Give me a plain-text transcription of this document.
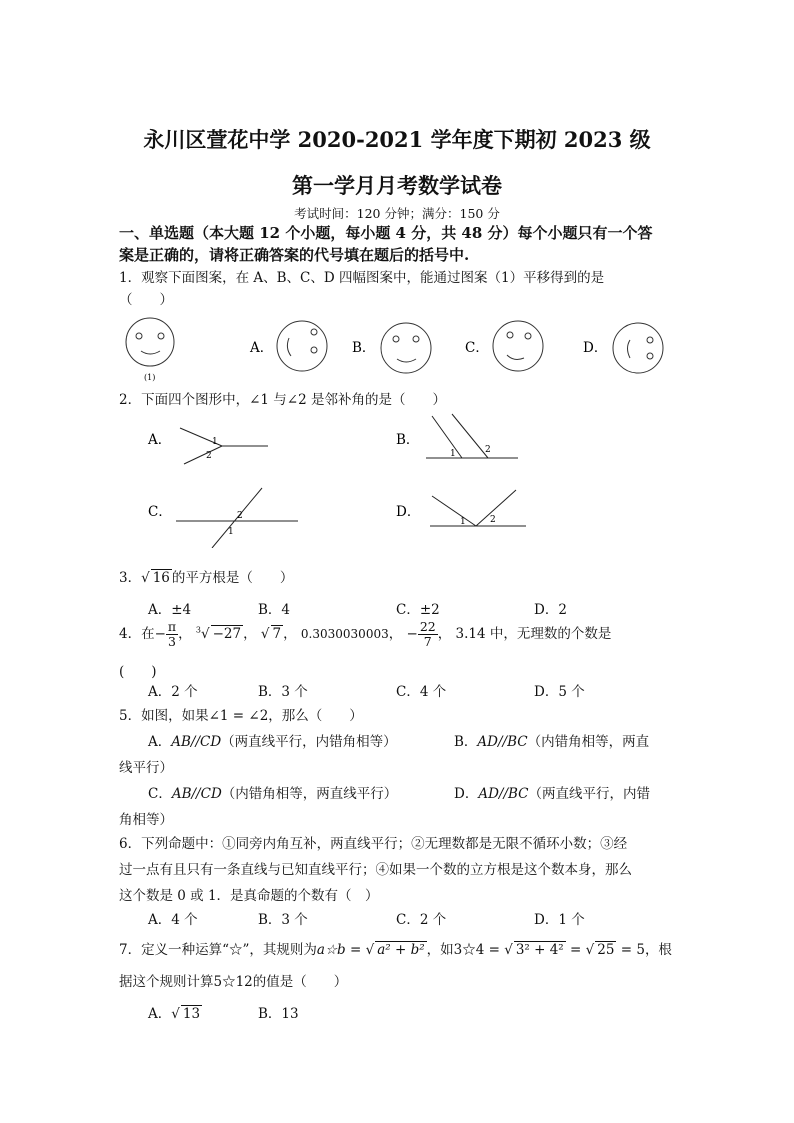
永川区萱花中学 2020-2021 学年度下期初 2023 级
第一学月月考数学试卷
考试时间：120 分钟；满分：150 分
一、单选题（本大题 12 个小题，每小题 4 分，共 48 分）每个小题只有一个答
案是正确的，请将正确答案的代号填在题后的括号中.
1．观察下面图案，在 A、B、C、D 四幅图案中，能通过图案（1）平移得到的是
（　　）
(1)
A．	B．	C．	D．
2．下面四个图形中，∠1 与∠2 是邻补角的是（　　）
A．	1
2
B．
1	2
C．	2
1
D．
1	2
3．√ 16 的平方根是（　　）
A．±4	B．4	C．±2	D．2
4．在− $\frac{\pi}{3}$ ， $^3$√ −27 ， √ 7 ， 0.3030030003， − $\frac{22}{7}$ ， 3.14 中，无理数的个数是
(　　)
A．2 个	B．3 个	C．4 个	D．5 个
5．如图，如果∠1 = ∠2，那么（　　）
A．AB//CD（两直线平行，内错角相等）	B．AD//BC（内错角相等，两直
线平行）
C．AB//CD（内错角相等，两直线平行）	D．AD//BC（两直线平行，内错
角相等）
6．下列命题中：①同旁内角互补，两直线平行；②无理数都是无限不循环小数；③经
过一点有且只有一条直线与已知直线平行；④如果一个数的立方根是这个数本身，那么
这个数是 0 或 1．是真命题的个数有（　）
A．4 个	B．3 个	C．2 个	D．1 个
7．定义一种运算“☆”，其规则为a☆b = √ a² + b² ，如3☆4 = √ 3² + 4² = √ 25 = 5，根
据这个规则计算5☆12的值是（　　）
A．√ 13	B．13
